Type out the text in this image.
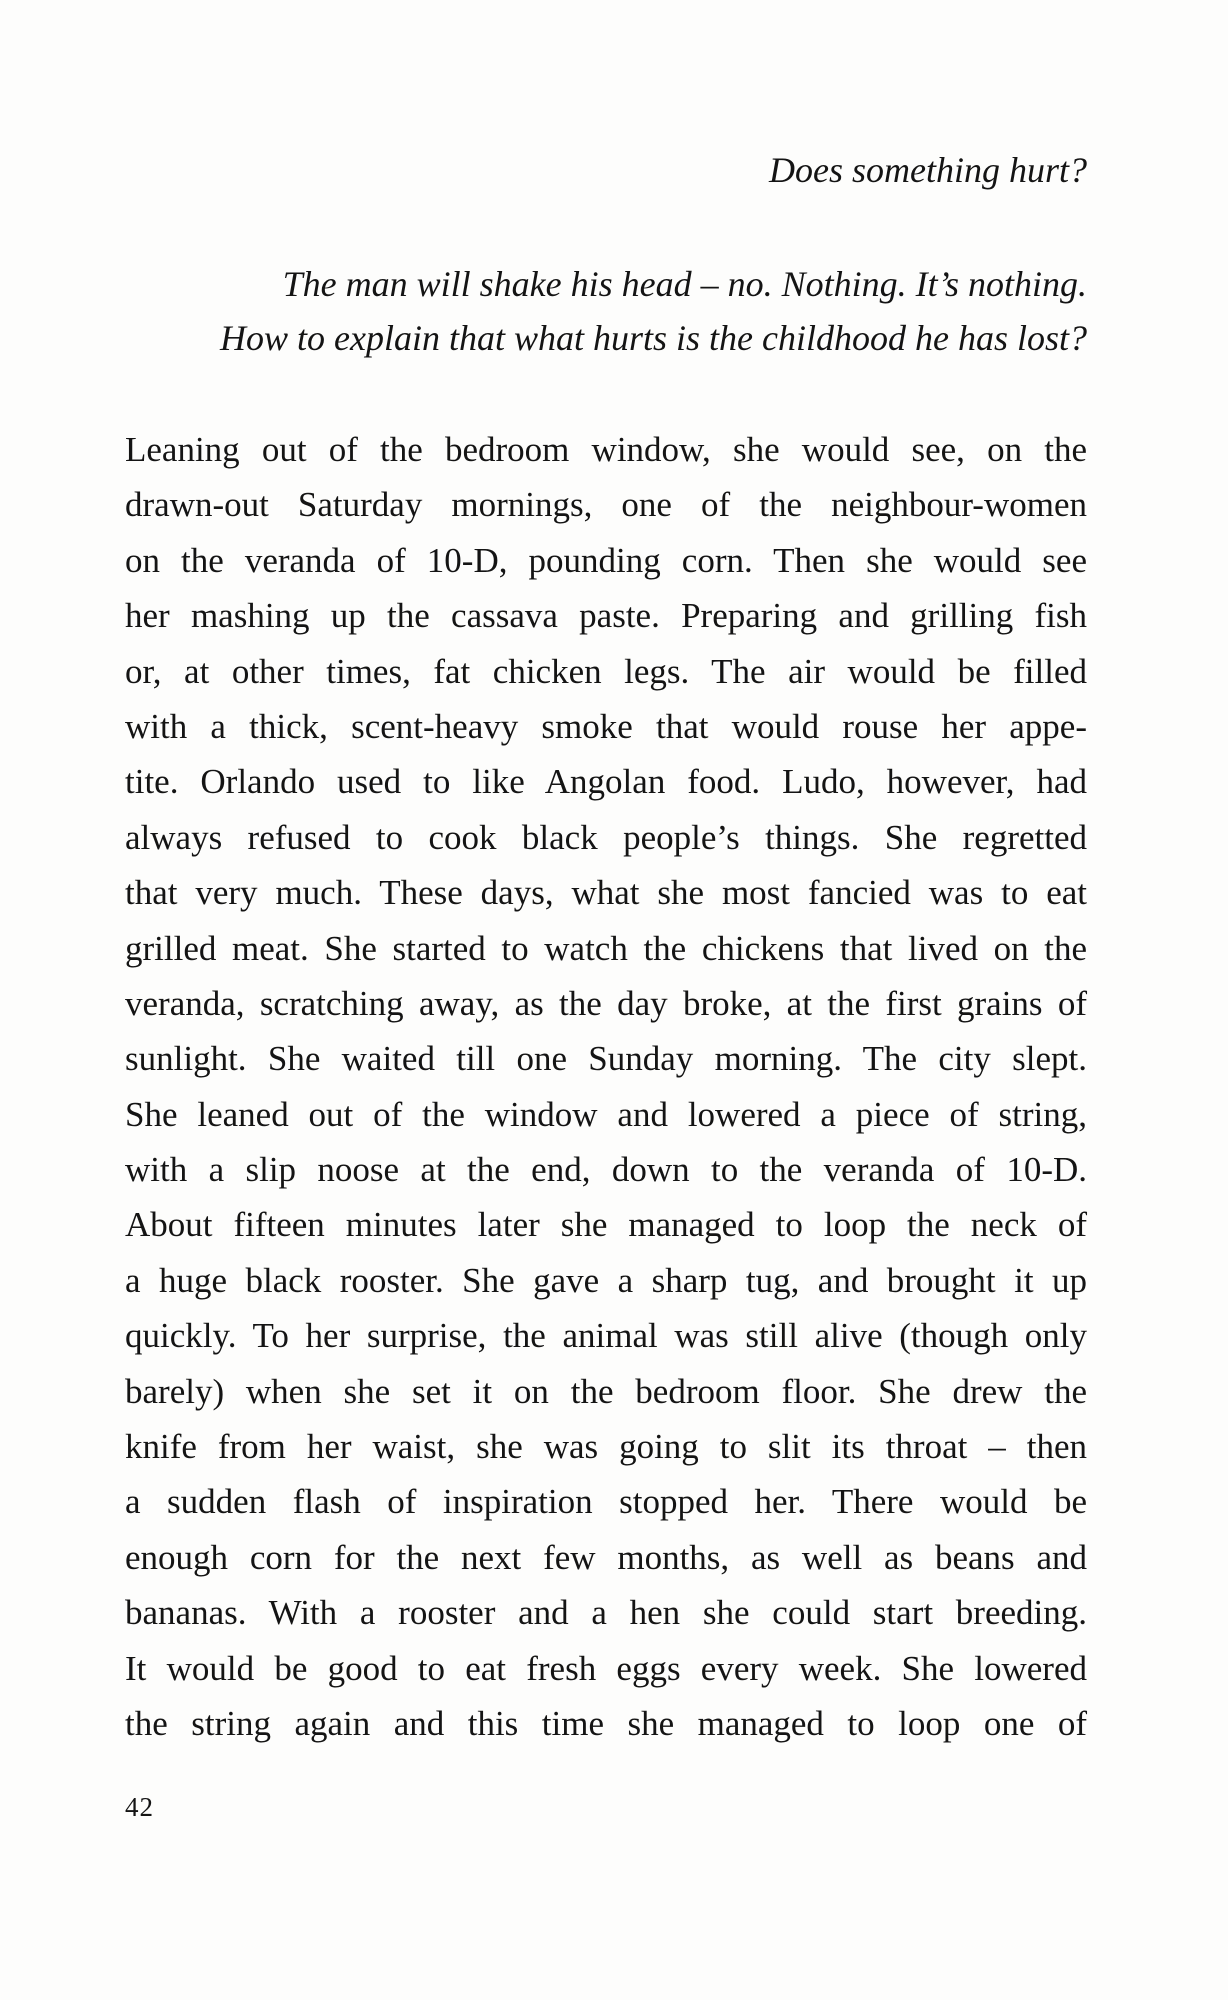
Does something hurt?
The man will shake his head – no. Nothing. It’s nothing.
How to explain that what hurts is the childhood he has lost?
Leaning out of the bedroom window, she would see, on the
drawn-out Saturday mornings, one of the neighbour-women
on the veranda of 10-D, pounding corn. Then she would see
her mashing up the cassava paste. Preparing and grilling fish
or, at other times, fat chicken legs. The air would be filled
with a thick, scent-heavy smoke that would rouse her appe-
tite. Orlando used to like Angolan food. Ludo, however, had
always refused to cook black people’s things. She regretted
that very much. These days, what she most fancied was to eat
grilled meat. She started to watch the chickens that lived on the
veranda, scratching away, as the day broke, at the first grains of
sunlight. She waited till one Sunday morning. The city slept.
She leaned out of the window and lowered a piece of string,
with a slip noose at the end, down to the veranda of 10-D.
About fifteen minutes later she managed to loop the neck of
a huge black rooster. She gave a sharp tug, and brought it up
quickly. To her surprise, the animal was still alive (though only
barely) when she set it on the bedroom floor. She drew the
knife from her waist, she was going to slit its throat – then
a sudden flash of inspiration stopped her. There would be
enough corn for the next few months, as well as beans and
bananas. With a rooster and a hen she could start breeding.
It would be good to eat fresh eggs every week. She lowered
the string again and this time she managed to loop one of
42
